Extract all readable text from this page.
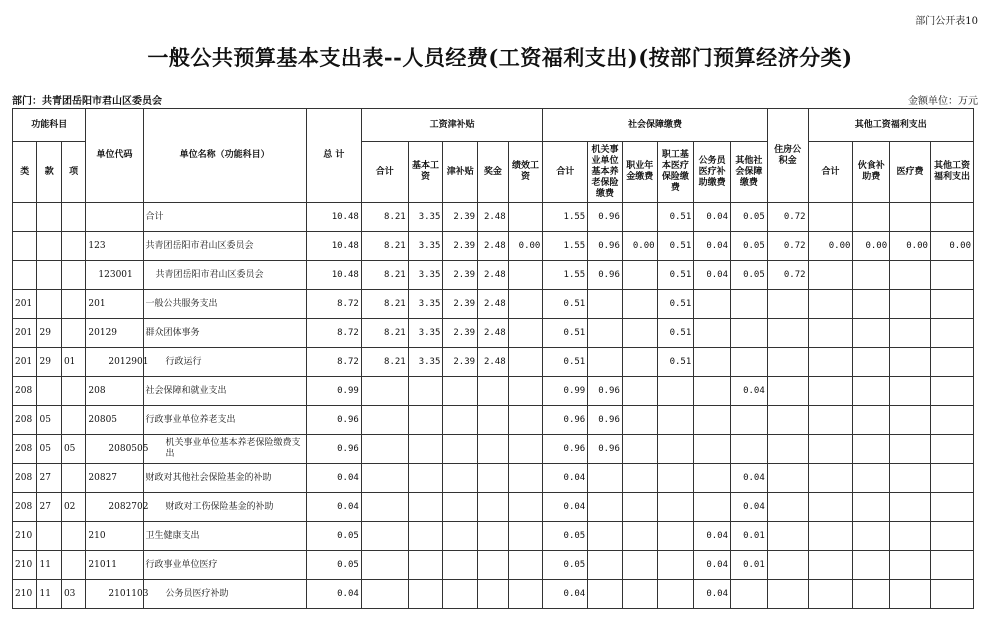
部门公开表10
一般公共预算基本支出表--人员经费(工资福利支出)(按部门预算经济分类)
部门：共青团岳阳市君山区委员会	金额单位：万元
功能科目			单位代码	单位名称（功能科目）	总 计	工资津补贴					社会保障缴费						住房公积金	其他工资福利支出			
类	款	项				合计	基本工资	津补贴	奖金	绩效工资	合计	机关事业单位基本养老保险缴费	职业年金缴费	职工基本医疗保险缴费	公务员医疗补助缴费	其他社会保障缴费		合计	伙食补助费	医疗费	其他工资福利支出
				合计	10.48	8.21	3.35	2.39	2.48		1.55	0.96		0.51	0.04	0.05	0.72				
			123	共青团岳阳市君山区委员会	10.48	8.21	3.35	2.39	2.48	0.00	1.55	0.96	0.00	0.51	0.04	0.05	0.72	0.00	0.00	0.00	0.00
			123001	共青团岳阳市君山区委员会	10.48	8.21	3.35	2.39	2.48		1.55	0.96		0.51	0.04	0.05	0.72				
201			201	一般公共服务支出	8.72	8.21	3.35	2.39	2.48		0.51			0.51							
201	29		20129	群众团体事务	8.72	8.21	3.35	2.39	2.48		0.51			0.51							
201	29	01	2012901	行政运行	8.72	8.21	3.35	2.39	2.48		0.51			0.51							
208			208	社会保障和就业支出	0.99						0.99	0.96				0.04					
208	05		20805	行政事业单位养老支出	0.96						0.96	0.96									
208	05	05	2080505	机关事业单位基本养老保险缴费支出	0.96						0.96	0.96									
208	27		20827	财政对其他社会保险基金的补助	0.04						0.04					0.04					
208	27	02	2082702	财政对工伤保险基金的补助	0.04						0.04					0.04					
210			210	卫生健康支出	0.05						0.05				0.04	0.01					
210	11		21011	行政事业单位医疗	0.05						0.05				0.04	0.01					
210	11	03	2101103	公务员医疗补助	0.04						0.04				0.04						
